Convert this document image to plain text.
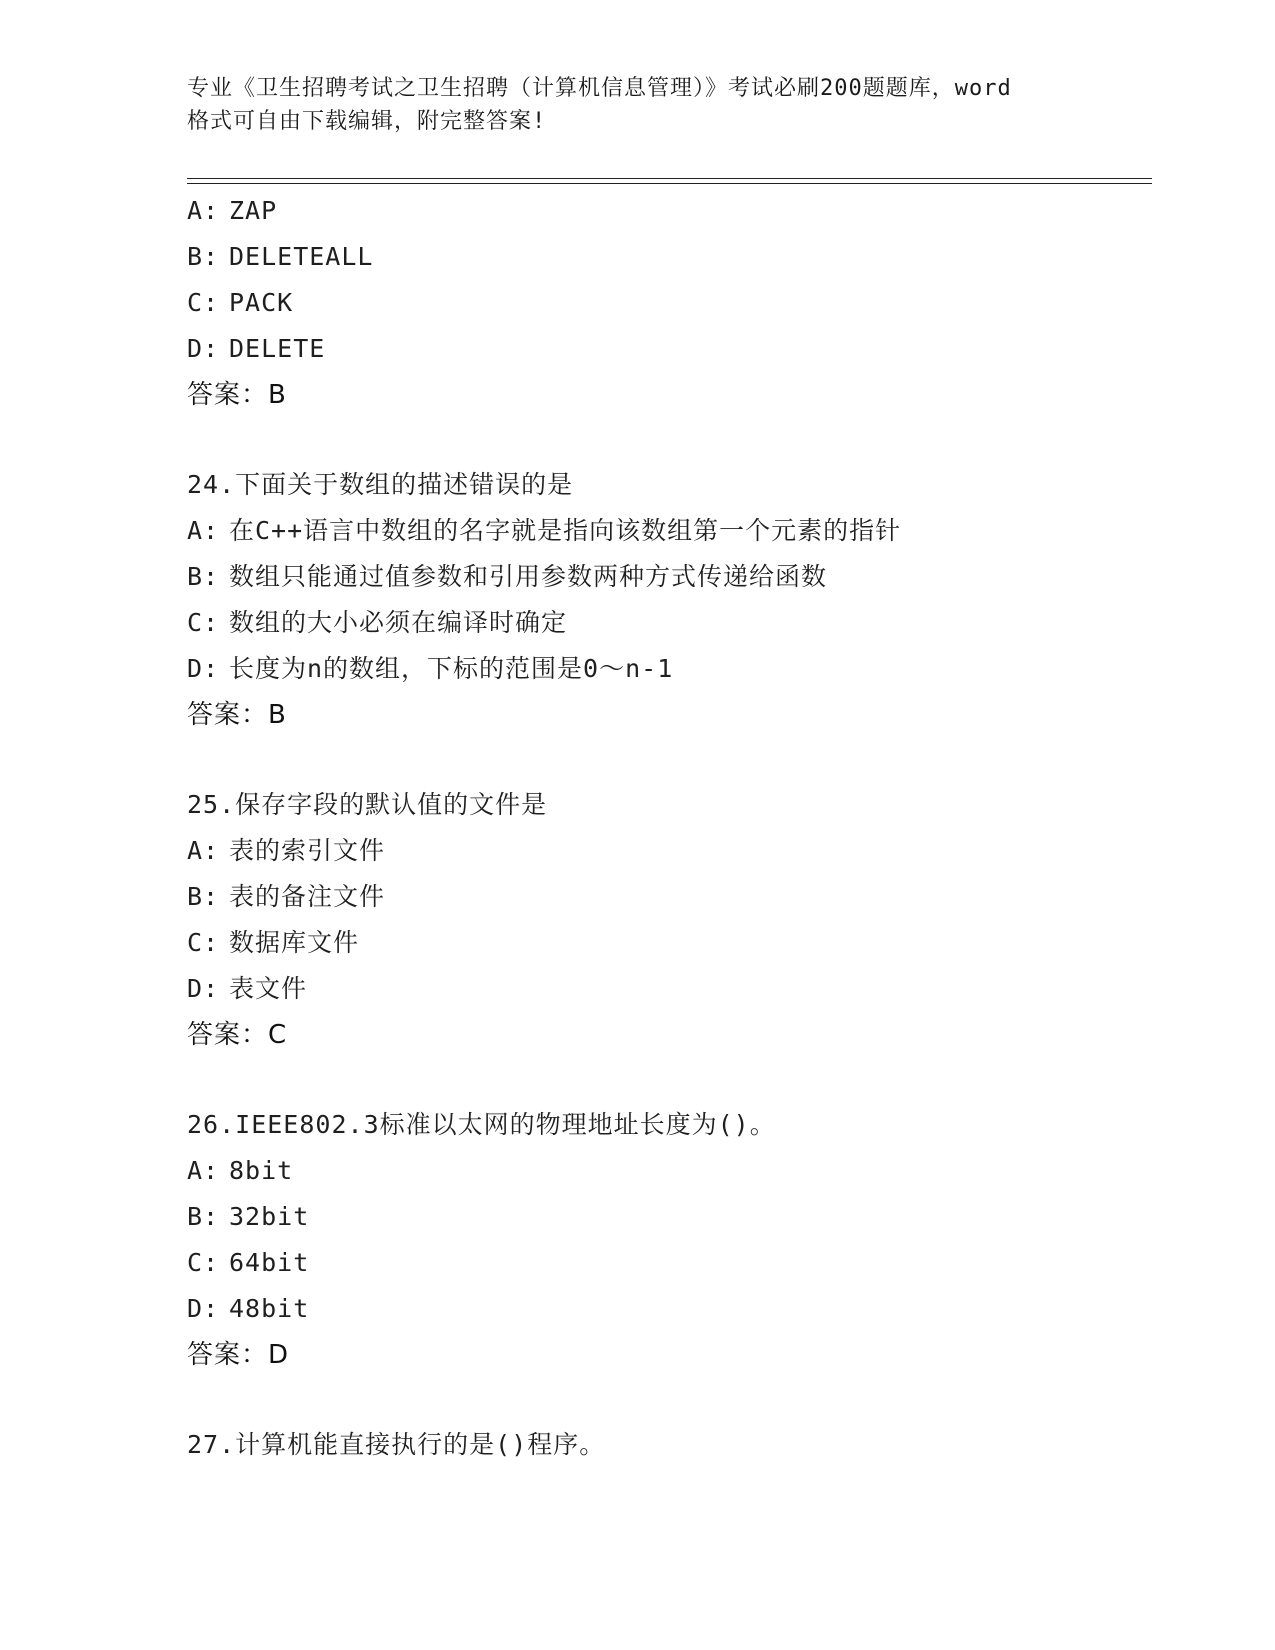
专业《卫生招聘考试之卫生招聘（计算机信息管理）》考试必刷200题题库，word
格式可自由下载编辑，附完整答案!
A: ZAP
B: DELETEALL
C: PACK
D: DELETE
答案：B
24.下面关于数组的描述错误的是
A: 在C++语言中数组的名字就是指向该数组第一个元素的指针
B: 数组只能通过值参数和引用参数两种方式传递给函数
C: 数组的大小必须在编译时确定
D: 长度为n的数组，下标的范围是0～n-1
答案：B
25.保存字段的默认值的文件是
A: 表的索引文件
B: 表的备注文件
C: 数据库文件
D: 表文件
答案：C
26.IEEE802.3标准以太网的物理地址长度为()。
A: 8bit
B: 32bit
C: 64bit
D: 48bit
答案：D
27.计算机能直接执行的是()程序。
